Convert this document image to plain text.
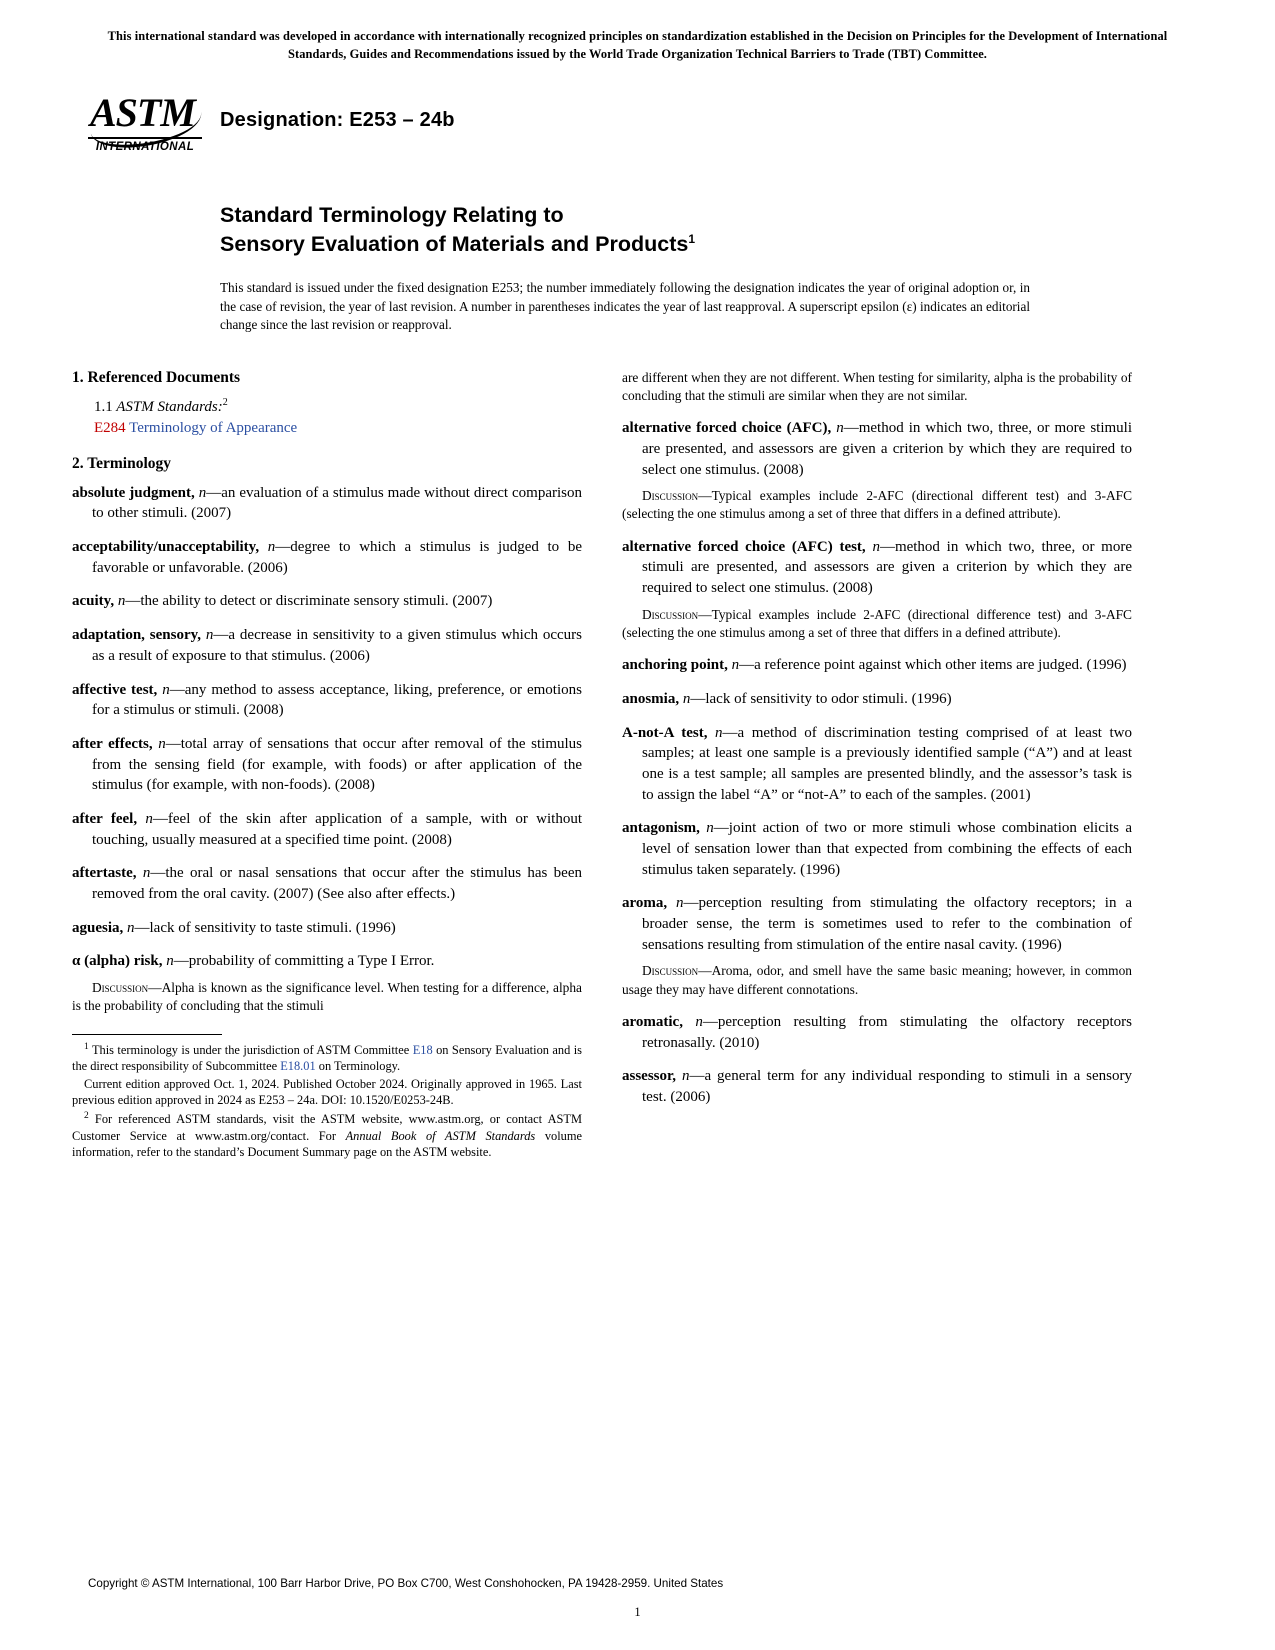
This international standard was developed in accordance with internationally recognized principles on standardization established in the Decision on Principles for the Development of International Standards, Guides and Recommendations issued by the World Trade Organization Technical Barriers to Trade (TBT) Committee.
ASTM
INTERNATIONAL
Designation: E253 – 24b
Standard Terminology Relating to
Sensory Evaluation of Materials and Products$^1$
This standard is issued under the fixed designation E253; the number immediately following the designation indicates the year of original adoption or, in the case of revision, the year of last revision. A number in parentheses indicates the year of last reapproval. A superscript epsilon (ε) indicates an editorial change since the last revision or reapproval.
1. Referenced Documents

1.1 ASTM Standards:$^2$

E284 Terminology of Appearance

2. Terminology

absolute judgment, n—an evaluation of a stimulus made without direct comparison to other stimuli. (2007)

acceptability/unacceptability, n—degree to which a stimulus is judged to be favorable or unfavorable. (2006)

acuity, n—the ability to detect or discriminate sensory stimuli. (2007)

adaptation, sensory, n—a decrease in sensitivity to a given stimulus which occurs as a result of exposure to that stimulus. (2006)

affective test, n—any method to assess acceptance, liking, preference, or emotions for a stimulus or stimuli. (2008)

after effects, n—total array of sensations that occur after removal of the stimulus from the sensing field (for example, with foods) or after application of the stimulus (for example, with non-foods). (2008)

after feel, n—feel of the skin after application of a sample, with or without touching, usually measured at a specified time point. (2008)

aftertaste, n—the oral or nasal sensations that occur after the stimulus has been removed from the oral cavity. (2007) (See also after effects.)

aguesia, n—lack of sensitivity to taste stimuli. (1996)

α (alpha) risk, n—probability of committing a Type I Error.

Discussion—Alpha is known as the significance level. When testing for a difference, alpha is the probability of concluding that the stimuli

$^1$ This terminology is under the jurisdiction of ASTM Committee E18 on Sensory Evaluation and is the direct responsibility of Subcommittee E18.01 on Terminology.

Current edition approved Oct. 1, 2024. Published October 2024. Originally approved in 1965. Last previous edition approved in 2024 as E253 – 24a. DOI: 10.1520/E0253-24B.

$^2$ For referenced ASTM standards, visit the ASTM website, www.astm.org, or contact ASTM Customer Service at www.astm.org/contact. For Annual Book of ASTM Standards volume information, refer to the standard’s Document Summary page on the ASTM website.

are different when they are not different. When testing for similarity, alpha is the probability of concluding that the stimuli are similar when they are not similar.

alternative forced choice (AFC), n—method in which two, three, or more stimuli are presented, and assessors are given a criterion by which they are required to select one stimulus. (2008)

Discussion—Typical examples include 2-AFC (directional different test) and 3-AFC (selecting the one stimulus among a set of three that differs in a defined attribute).

alternative forced choice (AFC) test, n—method in which two, three, or more stimuli are presented, and assessors are given a criterion by which they are required to select one stimulus. (2008)

Discussion—Typical examples include 2-AFC (directional difference test) and 3-AFC (selecting the one stimulus among a set of three that differs in a defined attribute).

anchoring point, n—a reference point against which other items are judged. (1996)

anosmia, n—lack of sensitivity to odor stimuli. (1996)

A-not-A test, n—a method of discrimination testing comprised of at least two samples; at least one sample is a previously identified sample (“A”) and at least one is a test sample; all samples are presented blindly, and the assessor’s task is to assign the label “A” or “not-A” to each of the samples. (2001)

antagonism, n—joint action of two or more stimuli whose combination elicits a level of sensation lower than that expected from combining the effects of each stimulus taken separately. (1996)

aroma, n—perception resulting from stimulating the olfactory receptors; in a broader sense, the term is sometimes used to refer to the combination of sensations resulting from stimulation of the entire nasal cavity. (1996)

Discussion—Aroma, odor, and smell have the same basic meaning; however, in common usage they may have different connotations.

aromatic, n—perception resulting from stimulating the olfactory receptors retronasally. (2010)

assessor, n—a general term for any individual responding to stimuli in a sensory test. (2006)

Copyright © ASTM International, 100 Barr Harbor Drive, PO Box C700, West Conshohocken, PA 19428-2959. United States
1
